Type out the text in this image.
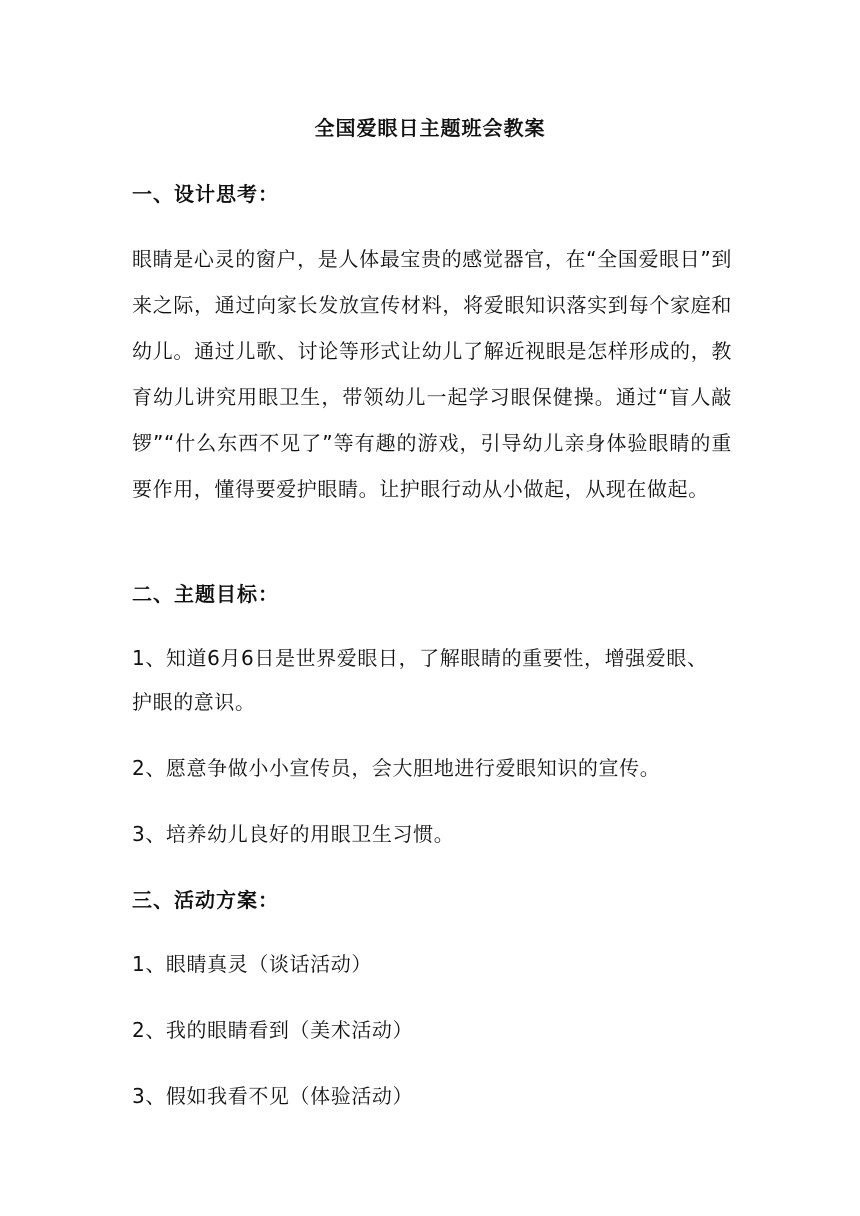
全国爱眼日主题班会教案
一、设计思考：
眼睛是心灵的窗户，是人体最宝贵的感觉器官，在“全国爱眼日”到来之际，通过向家长发放宣传材料，将爱眼知识落实到每个家庭和幼儿。通过儿歌、讨论等形式让幼儿了解近视眼是怎样形成的，教育幼儿讲究用眼卫生，带领幼儿一起学习眼保健操。通过“盲人敲锣”“什么东西不见了”等有趣的游戏，引导幼儿亲身体验眼睛的重要作用，懂得要爱护眼睛。让护眼行动从小做起，从现在做起。
二、主题目标：
1、知道6月6日是世界爱眼日，了解眼睛的重要性，增强爱眼、护眼的意识。
2、愿意争做小小宣传员，会大胆地进行爱眼知识的宣传。
3、培养幼儿良好的用眼卫生习惯。
三、活动方案：
1、眼睛真灵（谈话活动）
2、我的眼睛看到（美术活动）
3、假如我看不见（体验活动）
